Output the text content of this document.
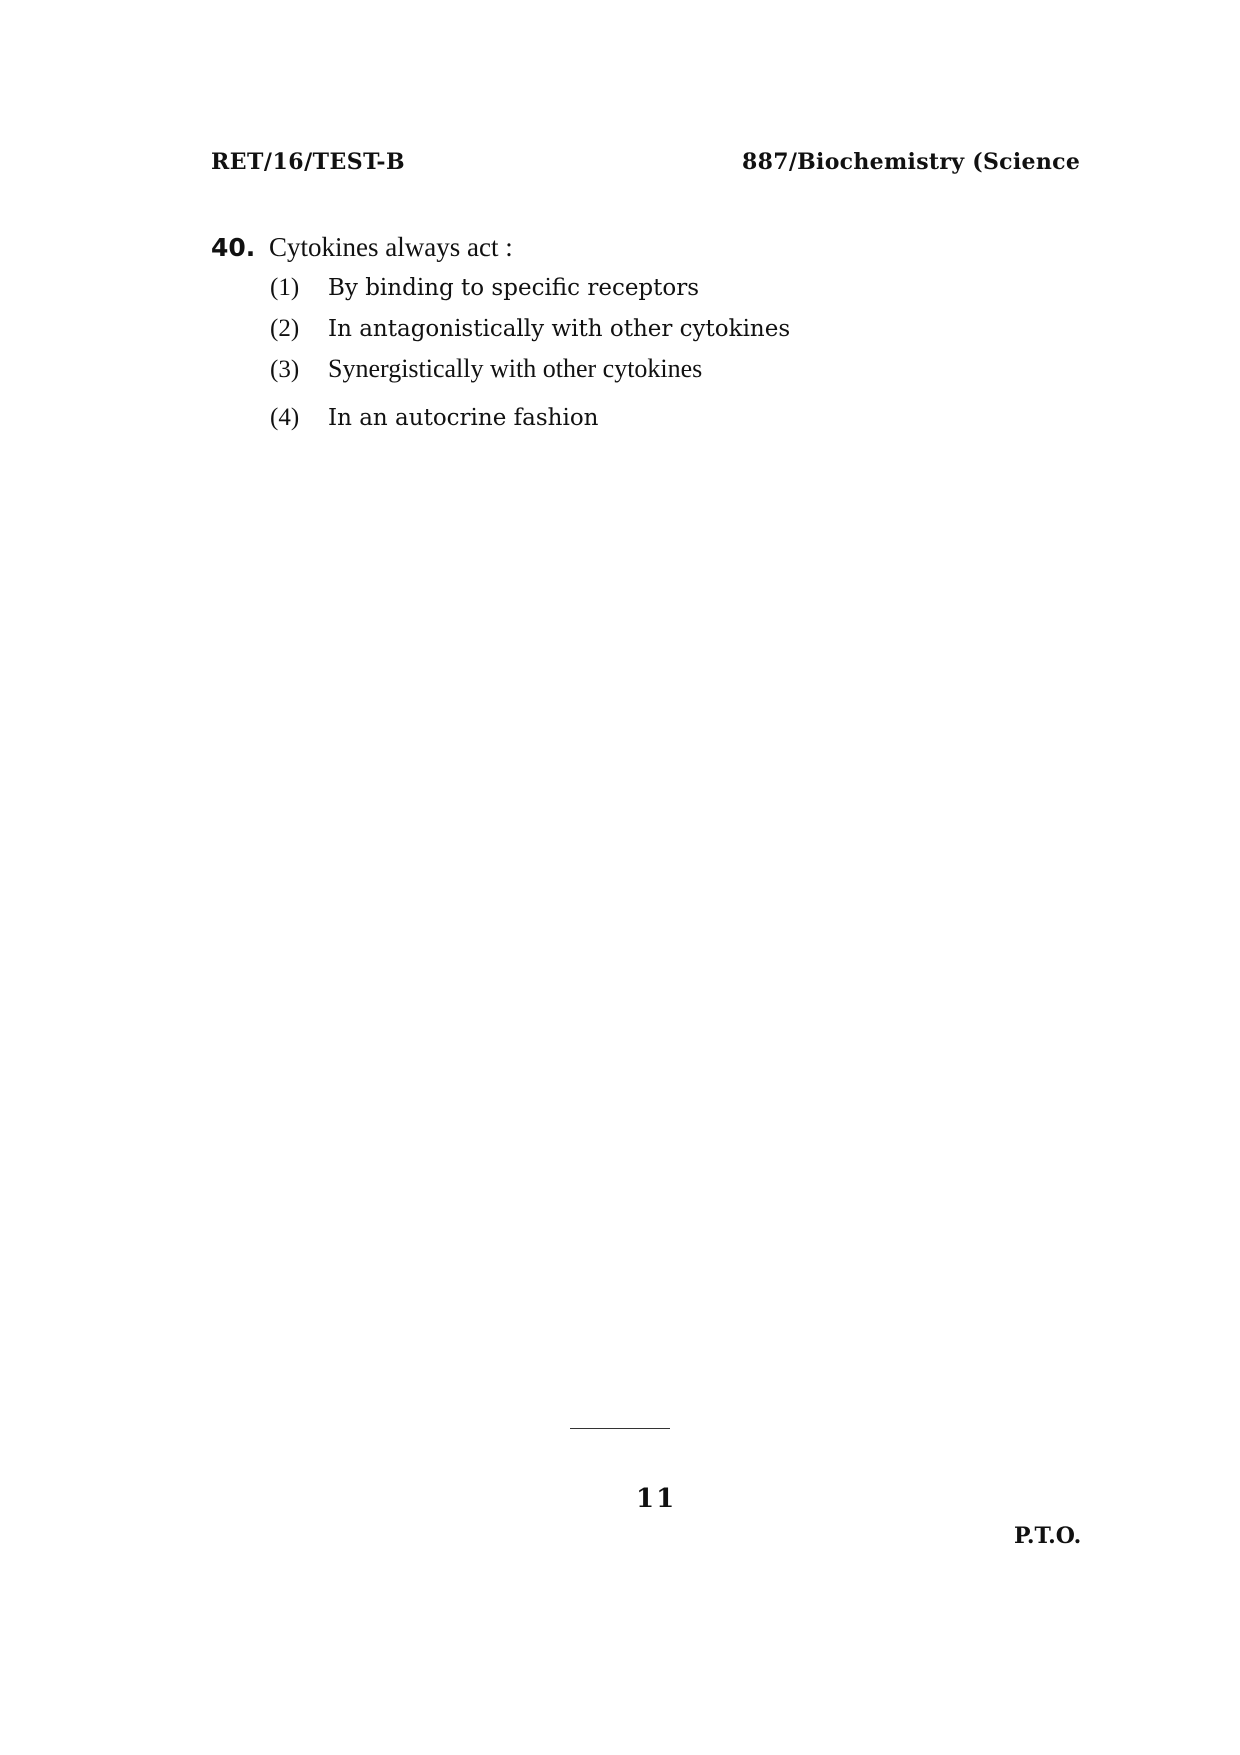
RET/16/TEST-B	887/Biochemistry (Science
40. Cytokines always act :
(1) By binding to specific receptors
(2) In antagonistically with other cytokines
(3) Synergistically with other cytokines
(4) In an autocrine fashion
11
P.T.O.
